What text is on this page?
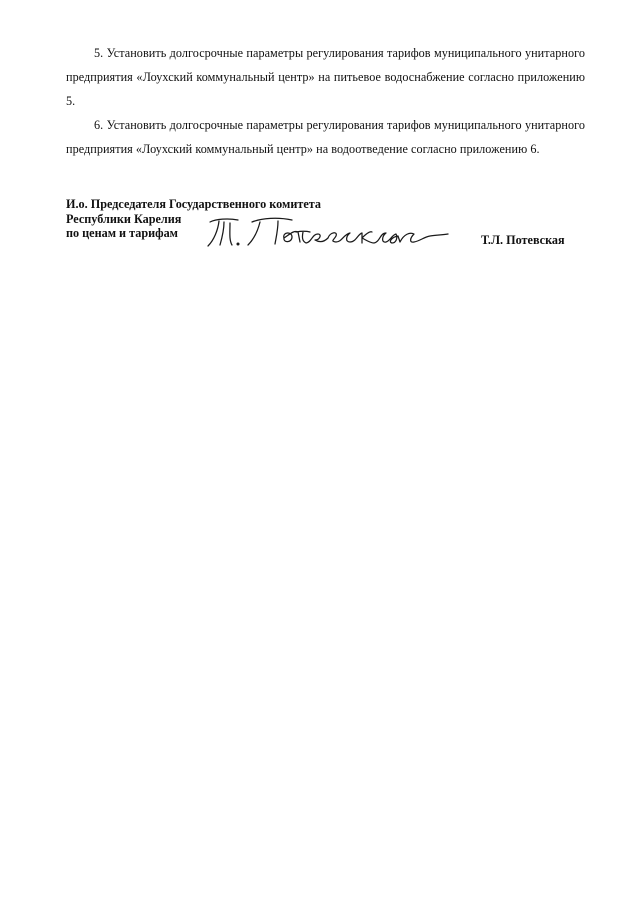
5. Установить долгосрочные параметры регулирования тарифов муниципального унитарного предприятия «Лоухский коммунальный центр» на питьевое водоснабжение согласно приложению 5.

6. Установить долгосрочные параметры регулирования тарифов муниципального унитарного предприятия «Лоухский коммунальный центр» на водоотведение согласно приложению 6.

И.о. Председателя Государственного комитета
Республики Карелия
по ценам и тарифам	Т.Л. Потевская
